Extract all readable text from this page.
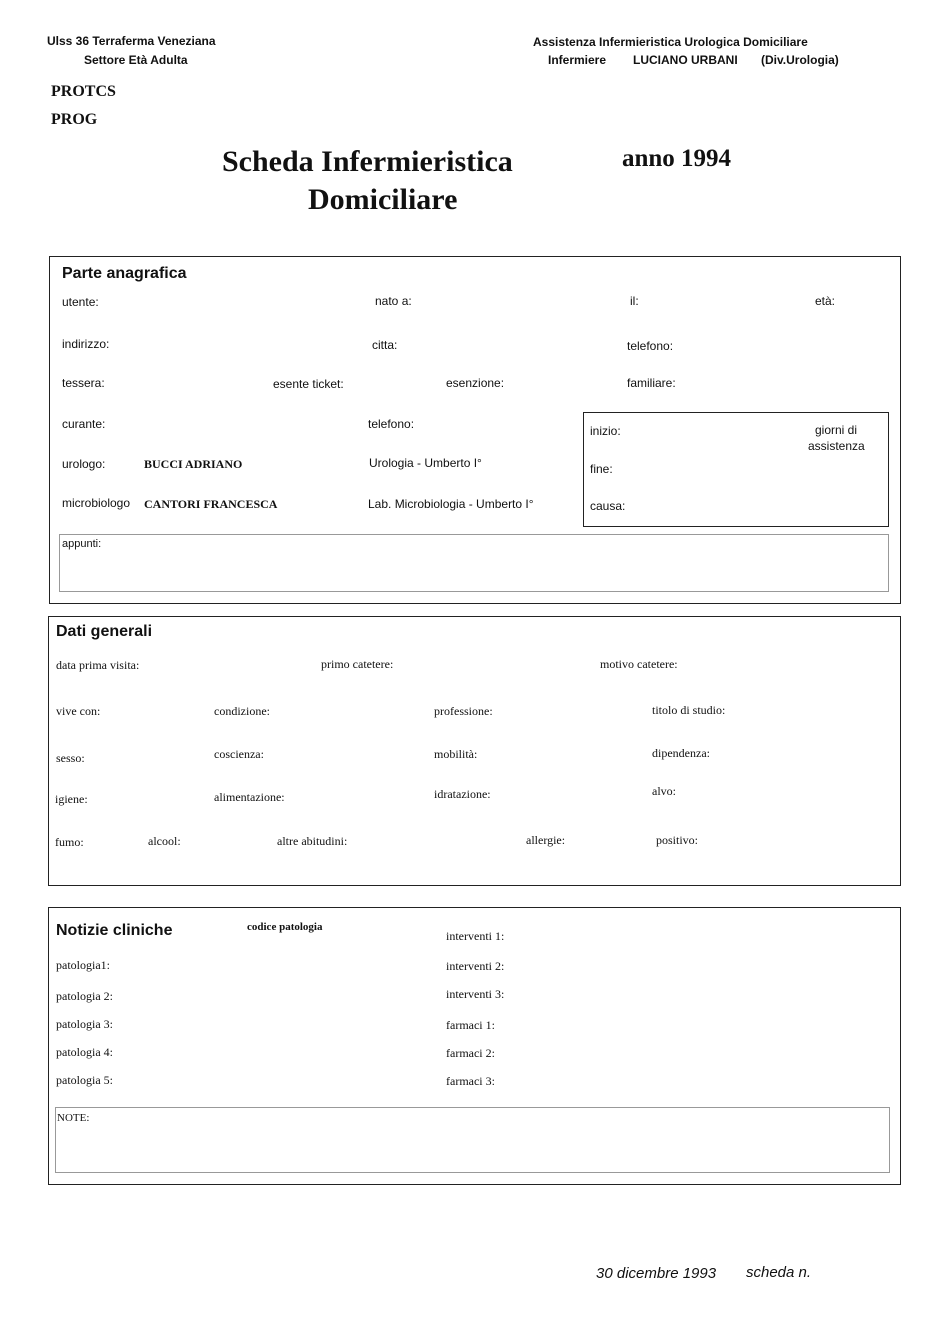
Ulss 36 Terraferma Veneziana
Settore Età Adulta
Assistenza Infermieristica Urologica Domiciliare
Infermiere LUCIANO URBANI (Div.Urologia)
PROTCS
PROG
Scheda Infermieristica
Domiciliare
anno 1994
Parte anagrafica
utente:	nato a:	il:	età:
indirizzo:	citta:	telefono:
tessera:	esente ticket:	esenzione:	familiare:
curante:	telefono:
urologo:	BUCCI ADRIANO	Urologia - Umberto I°
microbiologo CANTORI FRANCESCA	Lab. Microbiologia - Umberto I°
inizio:	giorni di
assistenza
fine:
causa:
appunti:
Dati generali
data prima visita:	primo catetere:	motivo catetere:
vive con:	condizione:	professione:	titolo di studio:
sesso:	coscienza:	mobilità:	dipendenza:
igiene:	alimentazione:	idratazione:	alvo:
fumo:	alcool:	altre abitudini:	allergie:	positivo:
Notizie cliniche	codice patologia
patologia1:
patologia 2:
patologia 3:
patologia 4:
patologia 5:
interventi 1:
interventi 2:
interventi 3:
farmaci 1:
farmaci 2:
farmaci 3:
NOTE:
30 dicembre 1993 scheda n.
